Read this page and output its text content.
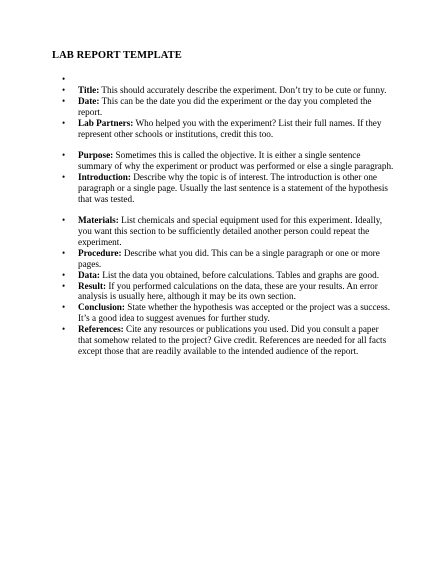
LAB REPORT TEMPLATE
•
• Title: This should accurately describe the experiment. Don’t try to be cute or funny.
• Date: This can be the date you did the experiment or the day you completed the report.
• Lab Partners: Who helped you with the experiment? List their full names. If they represent other schools or institutions, credit this too.
• Purpose: Sometimes this is called the objective. It is either a single sentence summary of why the experiment or product was performed or else a single paragraph.
• Introduction: Describe why the topic is of interest. The introduction is other one paragraph or a single page. Usually the last sentence is a statement of the hypothesis that was tested.
• Materials: List chemicals and special equipment used for this experiment. Ideally, you want this section to be sufficiently detailed another person could repeat the experiment.
• Procedure: Describe what you did. This can be a single paragraph or one or more pages.
• Data: List the data you obtained, before calculations. Tables and graphs are good.
• Result: If you performed calculations on the data, these are your results. An error analysis is usually here, although it may be its own section.
• Conclusion: State whether the hypothesis was accepted or the project was a success. It’s a good idea to suggest avenues for further study.
• References: Cite any resources or publications you used. Did you consult a paper that somehow related to the project? Give credit. References are needed for all facts except those that are readily available to the intended audience of the report.
